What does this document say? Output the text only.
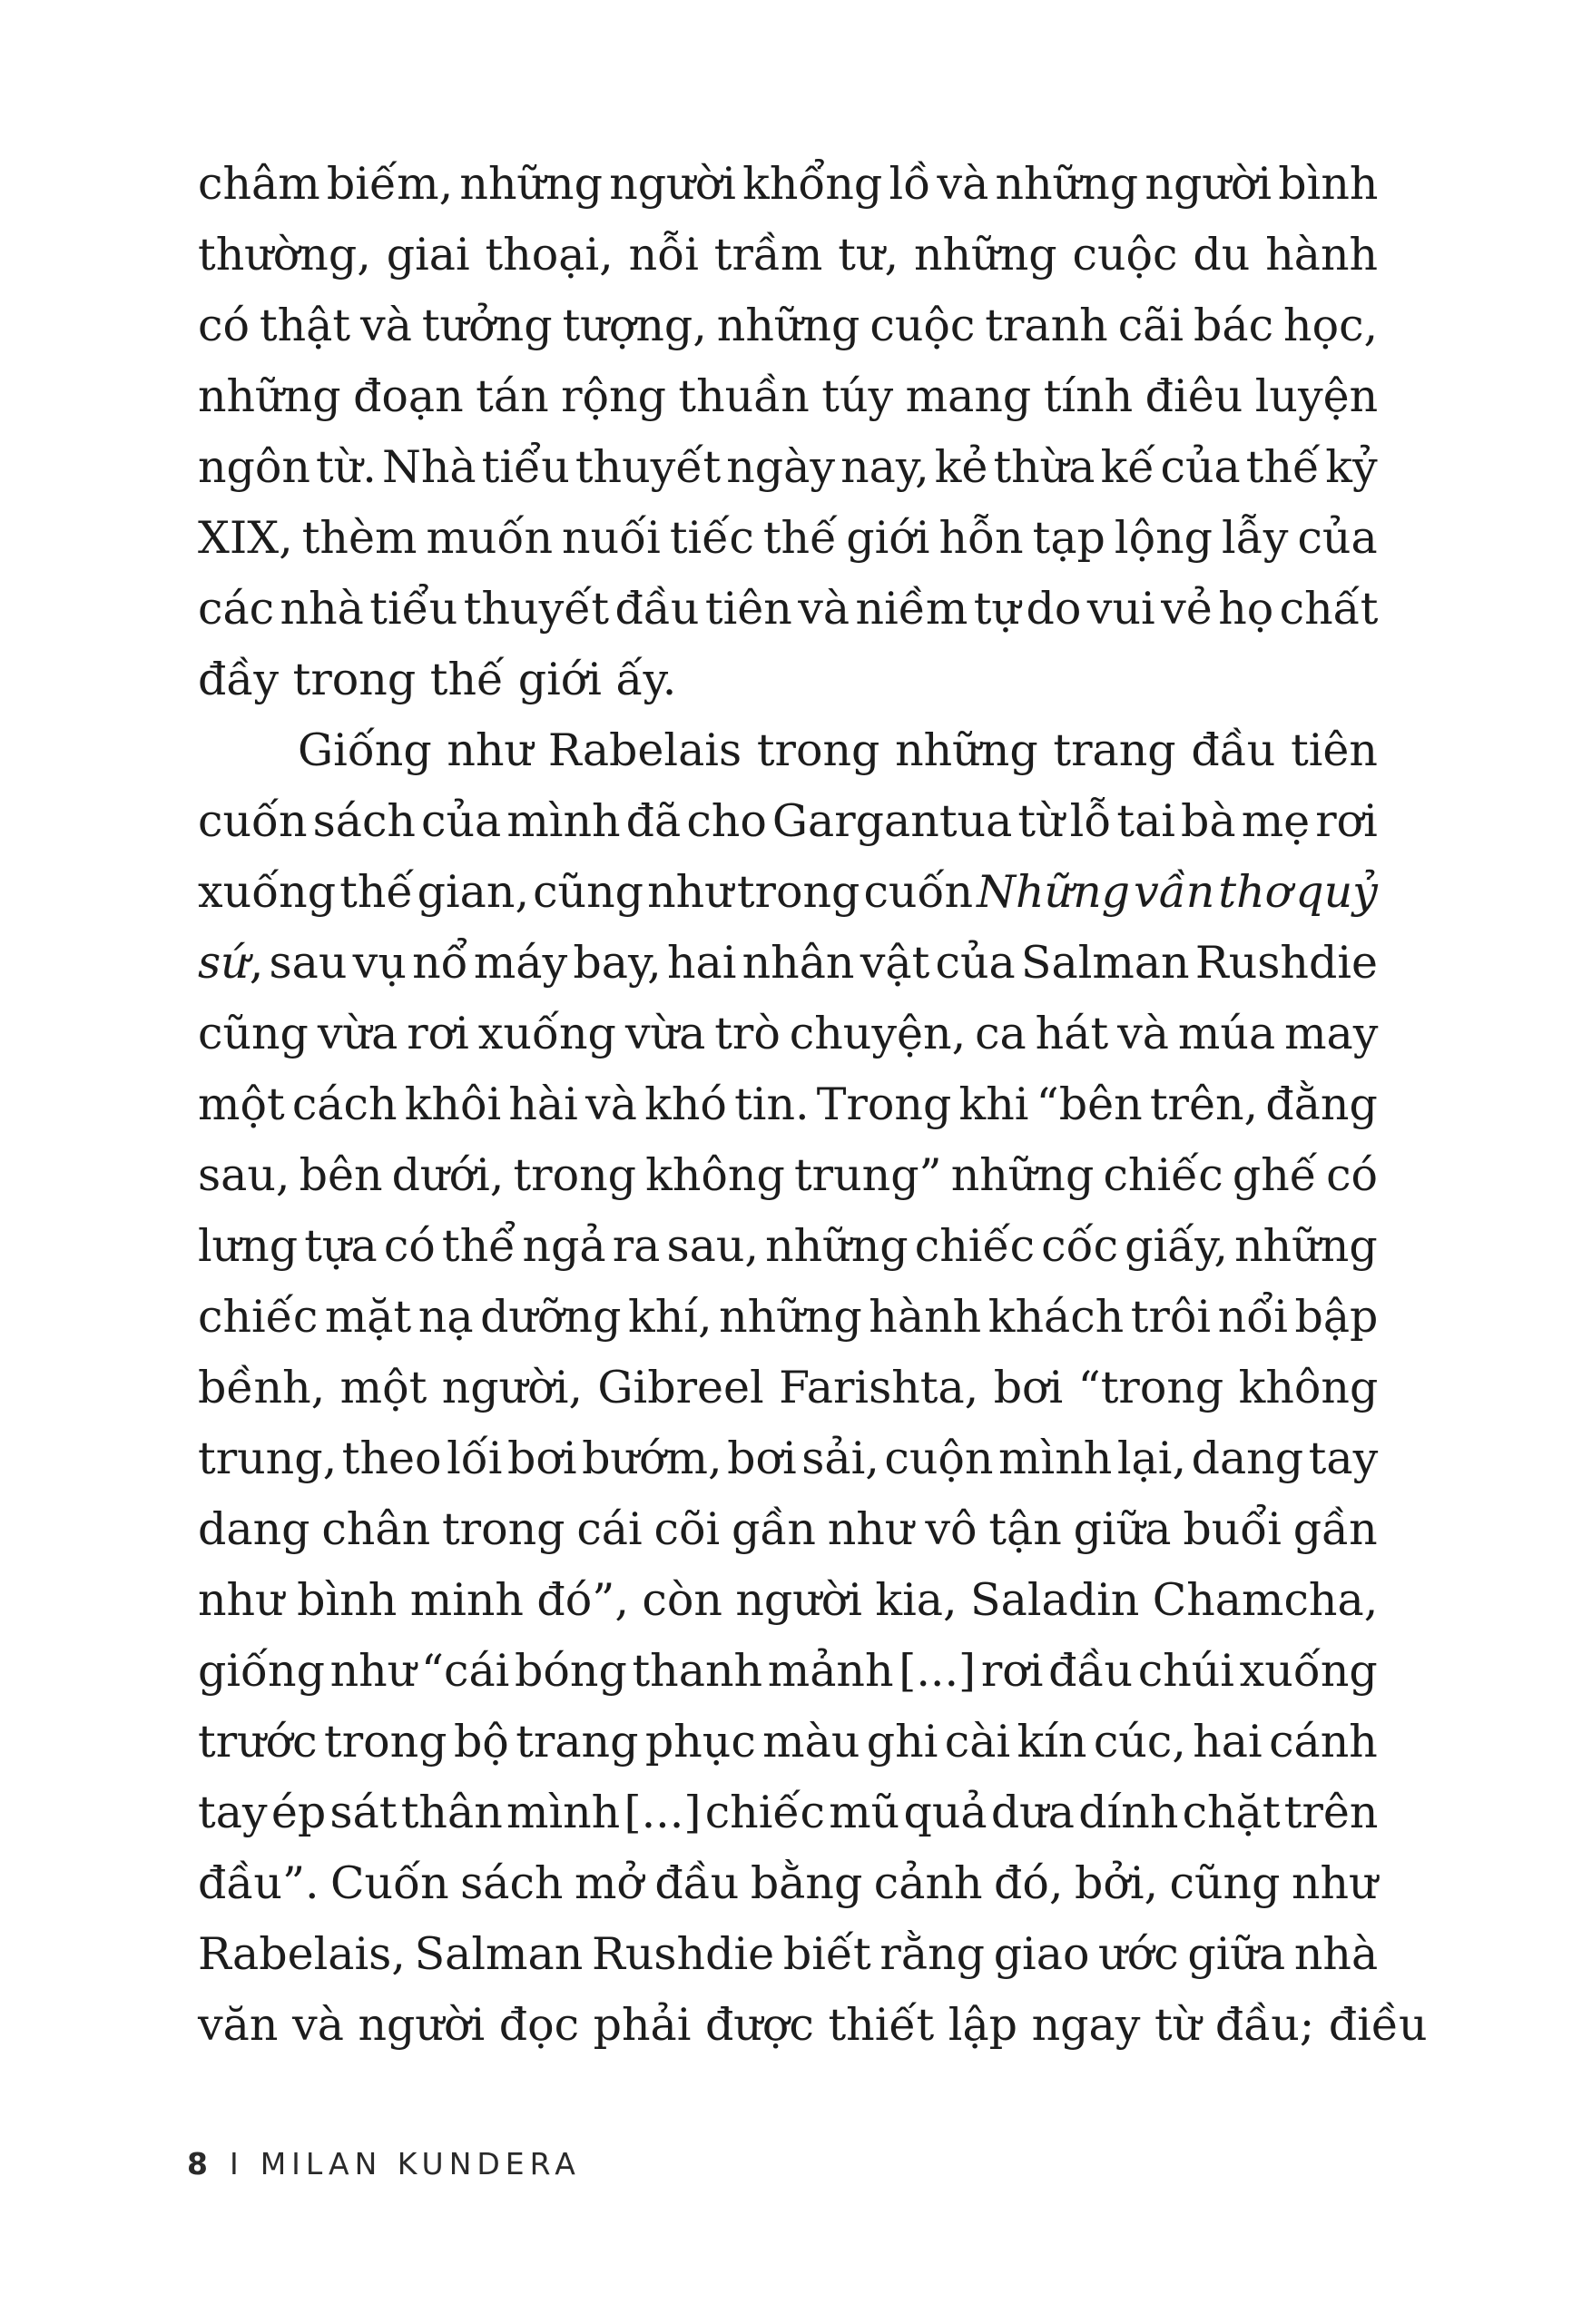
châm biếm, những người khổng lồ và những người bình
thường, giai thoại, nỗi trầm tư, những cuộc du hành
có thật và tưởng tượng, những cuộc tranh cãi bác học,
những đoạn tán rộng thuần túy mang tính điêu luyện
ngôn từ. Nhà tiểu thuyết ngày nay, kẻ thừa kế của thế kỷ
XIX, thèm muốn nuối tiếc thế giới hỗn tạp lộng lẫy của
các nhà tiểu thuyết đầu tiên và niềm tự do vui vẻ họ chất
đầy trong thế giới ấy.
Giống như Rabelais trong những trang đầu tiên
cuốn sách của mình đã cho Gargantua từ lỗ tai bà mẹ rơi
xuống thế gian, cũng như trong cuốn Những vần thơ quỷ
sứ, sau vụ nổ máy bay, hai nhân vật của Salman Rushdie
cũng vừa rơi xuống vừa trò chuyện, ca hát và múa may
một cách khôi hài và khó tin. Trong khi “bên trên, đằng
sau, bên dưới, trong không trung” những chiếc ghế có
lưng tựa có thể ngả ra sau, những chiếc cốc giấy, những
chiếc mặt nạ dưỡng khí, những hành khách trôi nổi bập
bềnh, một người, Gibreel Farishta, bơi “trong không
trung, theo lối bơi bướm, bơi sải, cuộn mình lại, dang tay
dang chân trong cái cõi gần như vô tận giữa buổi gần
như bình minh đó”, còn người kia, Saladin Chamcha,
giống như “cái bóng thanh mảnh [...] rơi đầu chúi xuống
trước trong bộ trang phục màu ghi cài kín cúc, hai cánh
tay ép sát thân mình [...] chiếc mũ quả dưa dính chặt trên
đầu”. Cuốn sách mở đầu bằng cảnh đó, bởi, cũng như
Rabelais, Salman Rushdie biết rằng giao ước giữa nhà
văn và người đọc phải được thiết lập ngay từ đầu; điều
8 I MILAN KUNDERA
